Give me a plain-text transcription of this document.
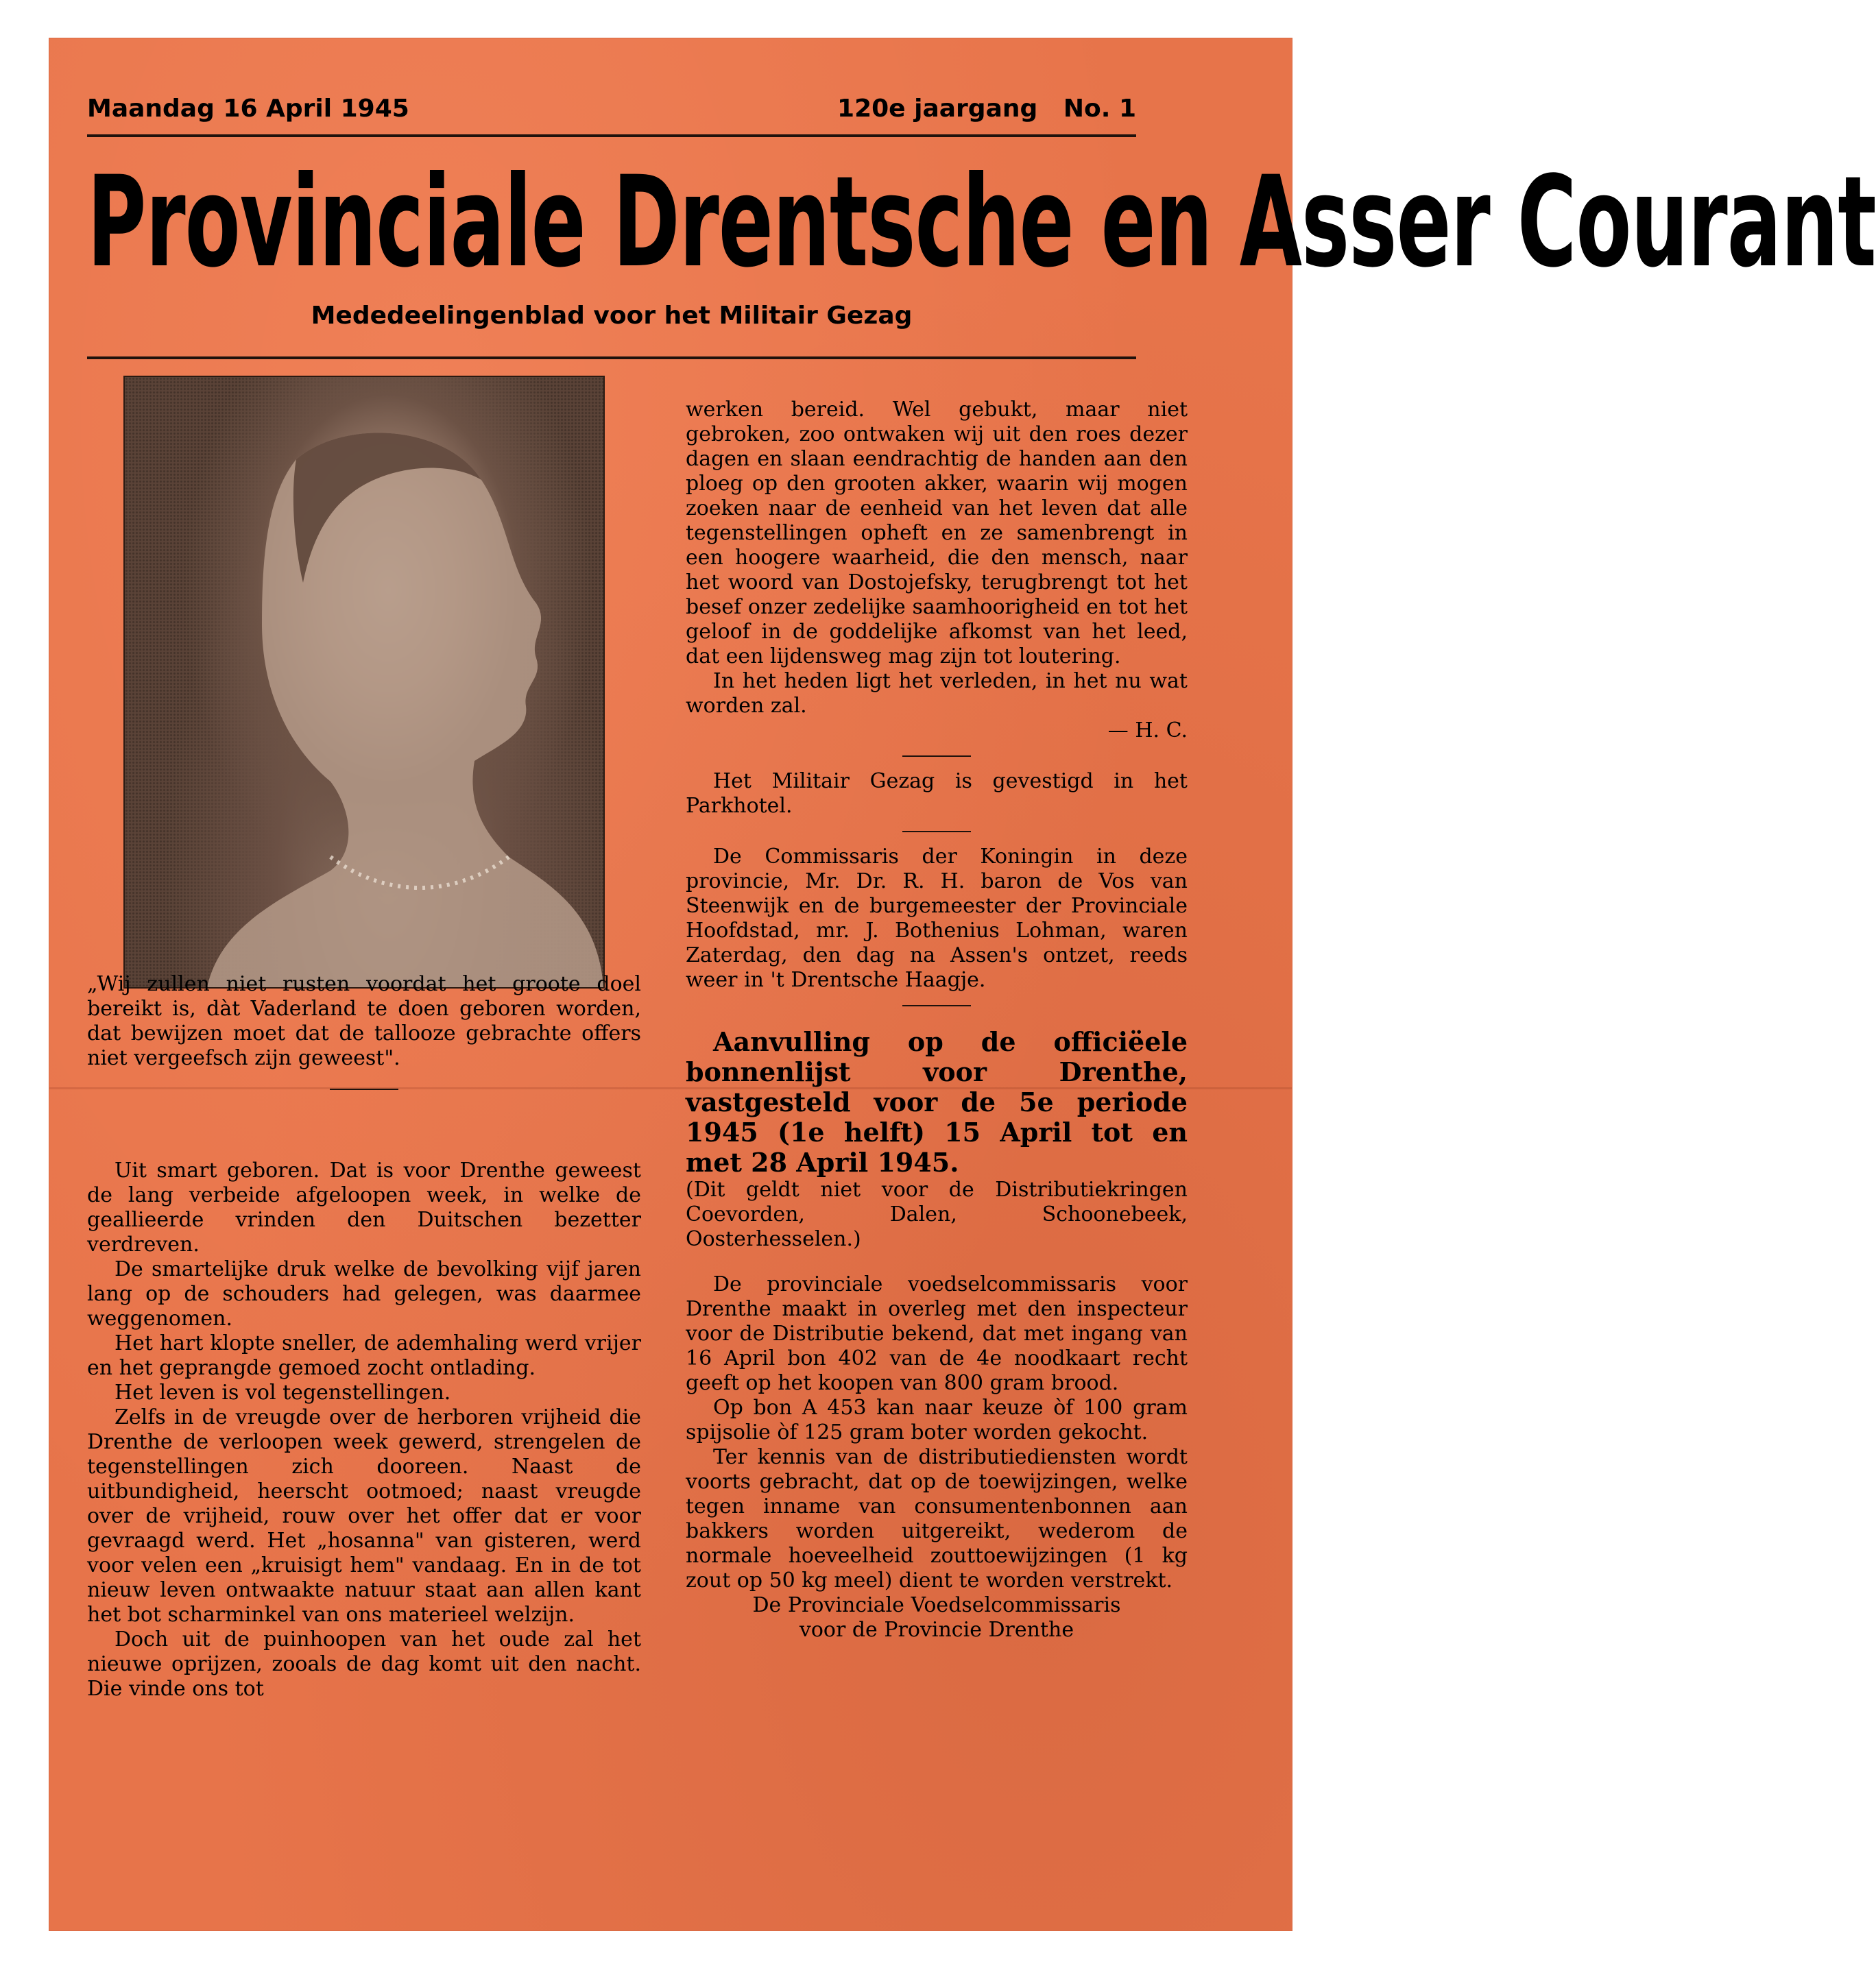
Maandag 16 April 1945	120e jaargang   No. 1
Provinciale Drentsche en Asser Courant
Mededeelingenblad voor het Militair Gezag

„Wij zullen niet rusten voordat het groote doel bereikt is, dàt Vaderland te doen geboren worden, dat bewijzen moet dat de tallooze gebrachte offers niet vergeefsch zijn geweest".

Uit smart geboren. Dat is voor Drenthe geweest de lang verbeide afgeloopen week, in welke de geallieerde vrinden den Duitschen bezetter verdreven.

De smartelijke druk welke de bevolking vijf jaren lang op de schouders had gelegen, was daarmee weggenomen.

Het hart klopte sneller, de ademhaling werd vrijer en het geprangde gemoed zocht ontlading.

Het leven is vol tegenstellingen.

Zelfs in de vreugde over de herboren vrijheid die Drenthe de verloopen week gewerd, strengelen de tegenstellingen zich dooreen. Naast de uitbundigheid, heerscht ootmoed; naast vreugde over de vrijheid, rouw over het offer dat er voor gevraagd werd. Het „hosanna" van gisteren, werd voor velen een „kruisigt hem" vandaag. En in de tot nieuw leven ontwaakte natuur staat aan allen kant het bot scharminkel van ons materieel welzijn.

Doch uit de puinhoopen van het oude zal het nieuwe oprijzen, zooals de dag komt uit den nacht. Die vinde ons tot

werken bereid. Wel gebukt, maar niet gebroken, zoo ontwaken wij uit den roes dezer dagen en slaan eendrachtig de handen aan den ploeg op den grooten akker, waarin wij mogen zoeken naar de eenheid van het leven dat alle tegenstellingen opheft en ze samenbrengt in een hoogere waarheid, die den mensch, naar het woord van Dostojefsky, terugbrengt tot het besef onzer zedelijke saamhoorigheid en tot het geloof in de goddelijke afkomst van het leed, dat een lijdensweg mag zijn tot loutering.

In het heden ligt het verleden, in het nu wat worden zal.

— H. C.

Het Militair Gezag is gevestigd in het Parkhotel.

De Commissaris der Koningin in deze provincie, Mr. Dr. R. H. baron de Vos van Steenwijk en de burgemeester der Provinciale Hoofdstad, mr. J. Bothenius Lohman, waren Zaterdag, den dag na Assen's ontzet, reeds weer in 't Drentsche Haagje.

Aanvulling op de officiëele bonnenlijst voor Drenthe, vastgesteld voor de 5e periode 1945 (1e helft) 15 April tot en met 28 April 1945.

(Dit geldt niet voor de Distributiekringen Coevorden, Dalen, Schoonebeek, Oosterhesselen.)

De provinciale voedselcommissaris voor Drenthe maakt in overleg met den inspecteur voor de Distributie bekend, dat met ingang van 16 April bon 402 van de 4e noodkaart recht geeft op het koopen van 800 gram brood.

Op bon A 453 kan naar keuze òf 100 gram spijsolie òf 125 gram boter worden gekocht.

Ter kennis van de distributiediensten wordt voorts gebracht, dat op de toewijzingen, welke tegen inname van consumentenbonnen aan bakkers worden uitgereikt, wederom de normale hoeveelheid zouttoewijzingen (1 kg zout op 50 kg meel) dient te worden verstrekt.

De Provinciale Voedselcommissaris

voor de Provincie Drenthe
